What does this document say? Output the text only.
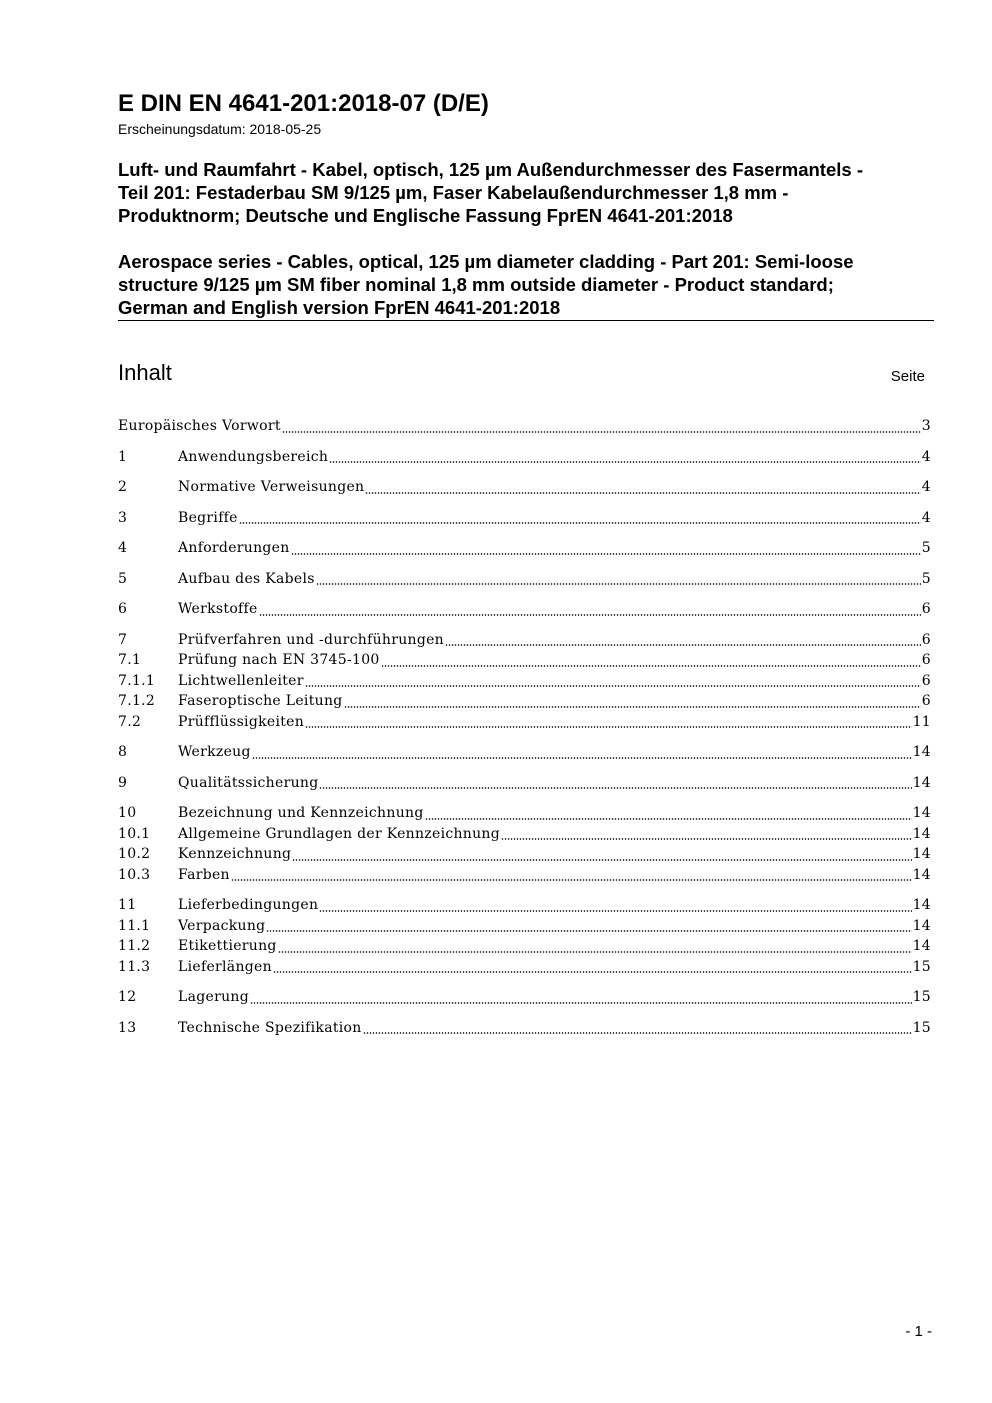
E DIN EN 4641-201:2018-07 (D/E)
Erscheinungsdatum: 2018-05-25
Luft- und Raumfahrt - Kabel, optisch, 125 µm Außendurchmesser des Fasermantels -
Teil 201: Festaderbau SM 9/125 µm, Faser Kabelaußendurchmesser 1,8 mm -
Produktnorm; Deutsche und Englische Fassung FprEN 4641-201:2018
Aerospace series - Cables, optical, 125 µm diameter cladding - Part 201: Semi-loose
structure 9/125 µm SM fiber nominal 1,8 mm outside diameter - Product standard;
German and English version FprEN 4641-201:2018
Inhalt	Seite
Europäisches Vorwort	3
1	Anwendungsbereich	4
2	Normative Verweisungen	4
3	Begriffe	4
4	Anforderungen	5
5	Aufbau des Kabels	5
6	Werkstoffe	6
7	Prüfverfahren und -durchführungen	6
7.1	Prüfung nach EN 3745-100	6
7.1.1	Lichtwellenleiter	6
7.1.2	Faseroptische Leitung	6
7.2	Prüfflüssigkeiten	11
8	Werkzeug	14
9	Qualitätssicherung	14
10	Bezeichnung und Kennzeichnung	14
10.1	Allgemeine Grundlagen der Kennzeichnung	14
10.2	Kennzeichnung	14
10.3	Farben	14
11	Lieferbedingungen	14
11.1	Verpackung	14
11.2	Etikettierung	14
11.3	Lieferlängen	15
12	Lagerung	15
13	Technische Spezifikation	15
- 1 -
